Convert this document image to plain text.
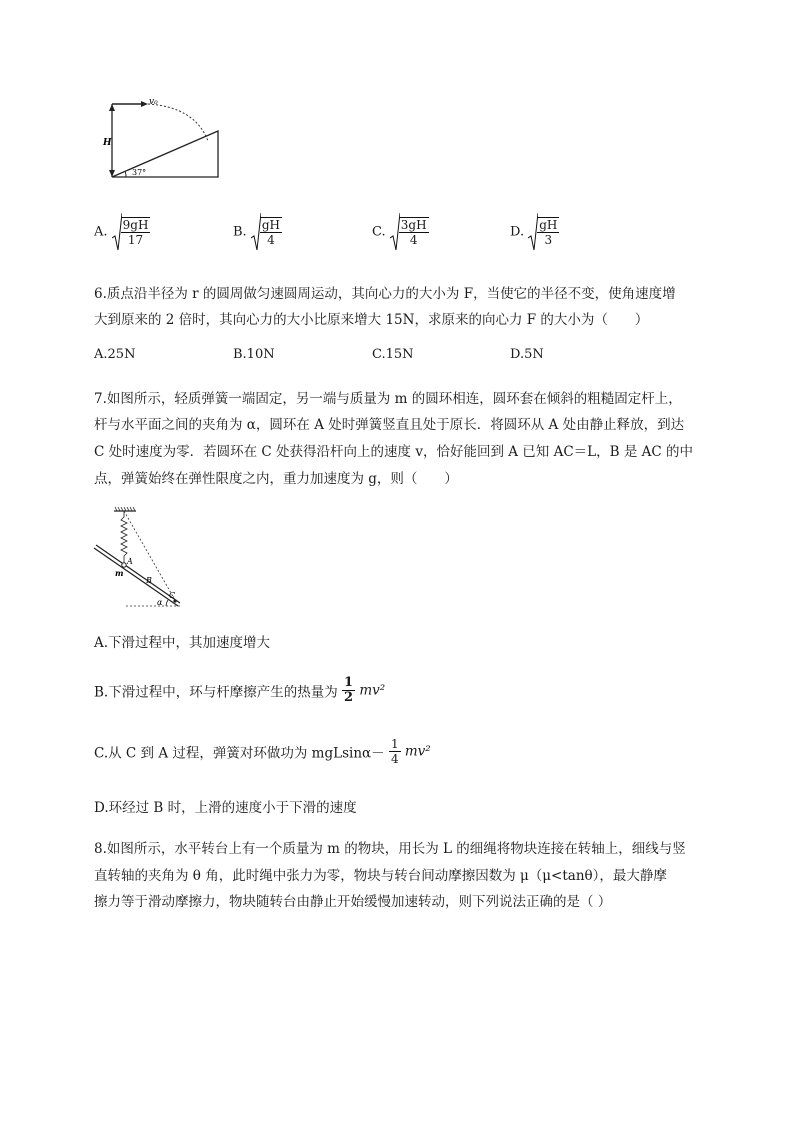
v₀
H
37°
A. $\frac{9gH}{17}$	B. $\frac{gH}{4}$	C. $\frac{3gH}{4}$	D. $\frac{gH}{3}$
6.质点沿半径为 r 的圆周做匀速圆周运动，其向心力的大小为 F，当使它的半径不变，使角速度增
大到原来的 2 倍时，其向心力的大小比原来增大 15N，求原来的向心力 F 的大小为（　　）
A.25N	B.10N	C.15N	D.5N
7.如图所示，轻质弹簧一端固定，另一端与质量为 m 的圆环相连，圆环套在倾斜的粗糙固定杆上，
杆与水平面之间的夹角为 α，圆环在 A 处时弹簧竖直且处于原长．将圆环从 A 处由静止释放，到达
C 处时速度为零．若圆环在 C 处获得沿杆向上的速度 v，恰好能回到 A 已知 AC＝L，B 是 AC 的中
点，弹簧始终在弹性限度之内，重力加速度为 g，则（　　）
A
m
B
C
α
A.下滑过程中，其加速度增大
B.下滑过程中，环与杆摩擦产生的热量为 $\frac{1}{2} mv^2$
C.从 C 到 A 过程，弹簧对环做功为 $mgLsin\alpha- \frac{1}{4} mv^2$
D.环经过 B 时，上滑的速度小于下滑的速度
8.如图所示，水平转台上有一个质量为 m 的物块，用长为 L 的细绳将物块连接在转轴上，细线与竖
直转轴的夹角为 θ 角，此时绳中张力为零，物块与转台间动摩擦因数为 μ（μ<tanθ），最大静摩
擦力等于滑动摩擦力，物块随转台由静止开始缓慢加速转动，则下列说法正确的是（ ）
